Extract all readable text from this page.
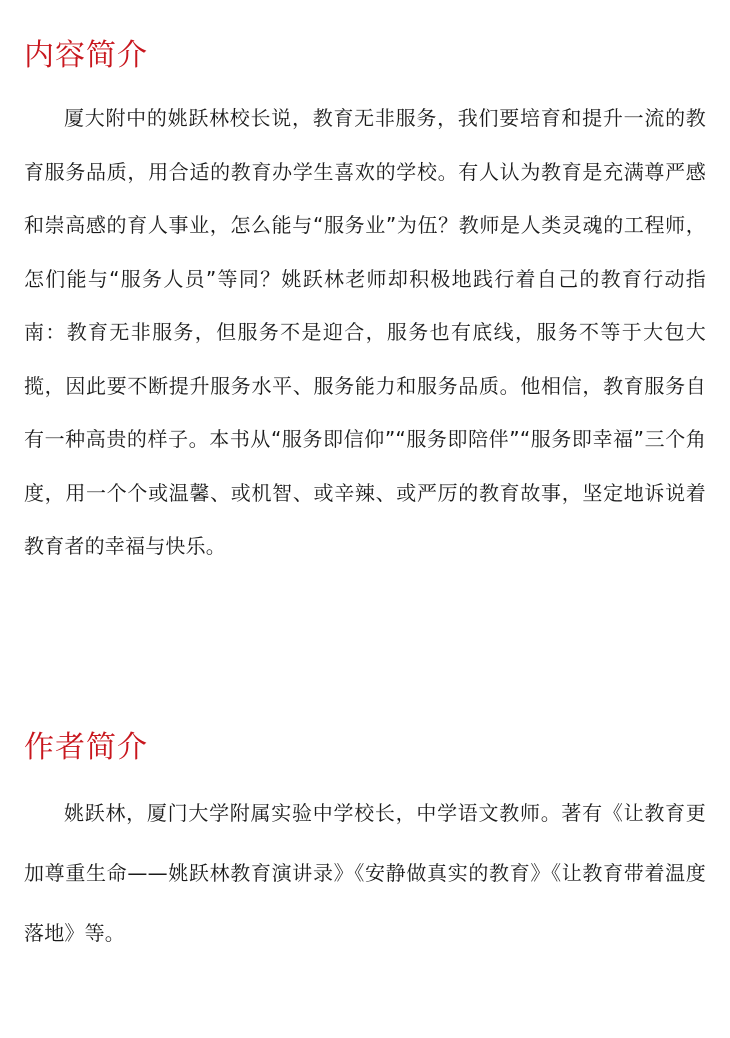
内容简介

厦大附中的姚跃林校长说，教育无非服务，我们要培育和提升一流的教育服务品质，用合适的教育办学生喜欢的学校。有人认为教育是充满尊严感和崇高感的育人事业，怎么能与“服务业”为伍？教师是人类灵魂的工程师，怎们能与“服务人员”等同？姚跃林老师却积极地践行着自己的教育行动指南：教育无非服务，但服务不是迎合，服务也有底线，服务不等于大包大揽，因此要不断提升服务水平、服务能力和服务品质。他相信，教育服务自有一种高贵的样子。本书从“服务即信仰”“服务即陪伴”“服务即幸福”三个角度，用一个个或温馨、或机智、或辛辣、或严厉的教育故事，坚定地诉说着教育者的幸福与快乐。

作者简介

姚跃林，厦门大学附属实验中学校长，中学语文教师。著有《让教育更加尊重生命——姚跃林教育演讲录》《安静做真实的教育》《让教育带着温度落地》等。
